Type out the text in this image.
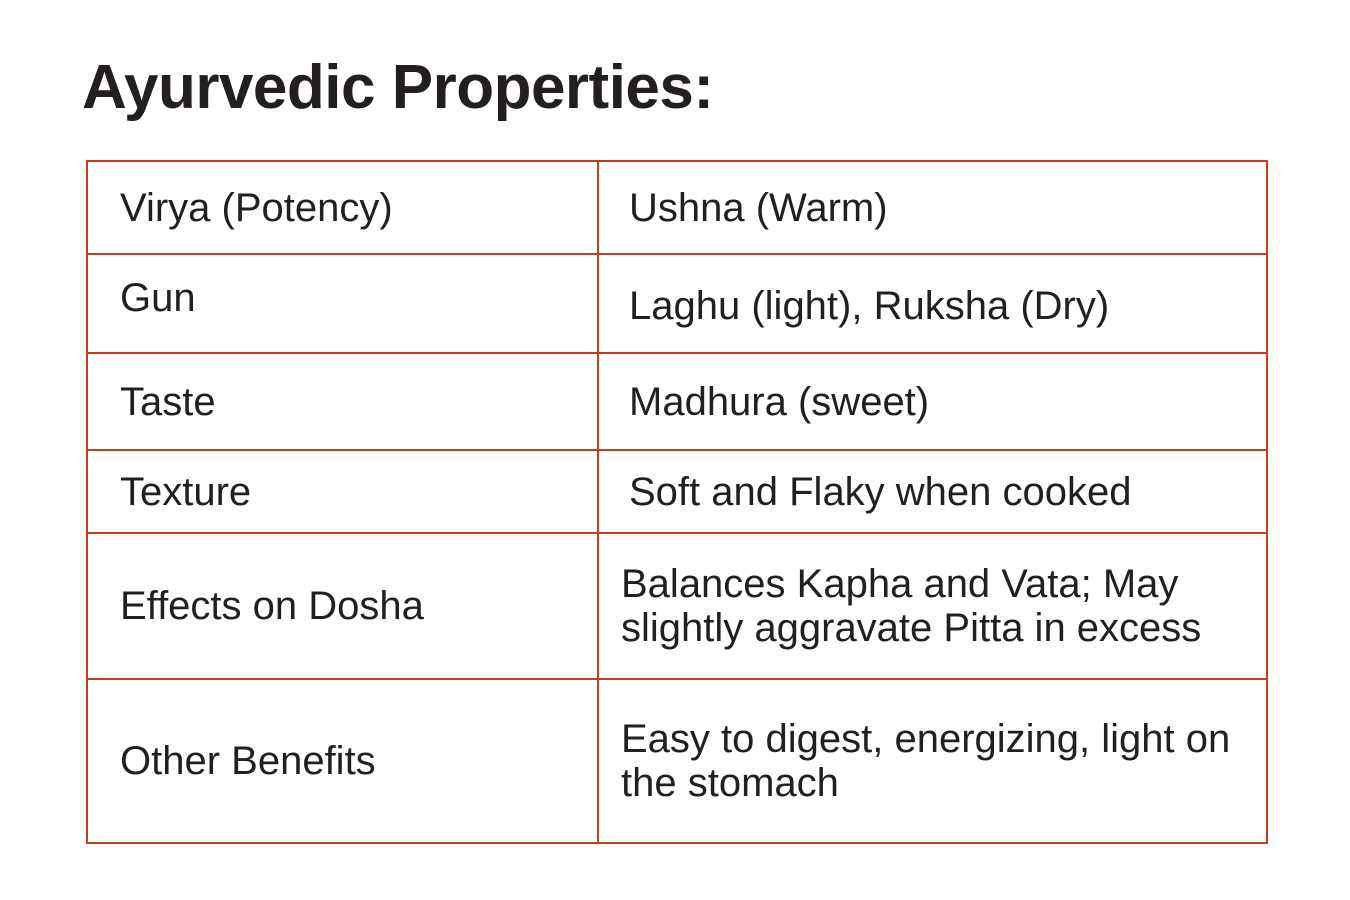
Ayurvedic Properties:
Virya (Potency)	Ushna (Warm)
Gun	Laghu (light), Ruksha (Dry)
Taste	Madhura (sweet)
Texture	Soft and Flaky when cooked
Effects on Dosha	Balances Kapha and Vata; May slightly aggravate Pitta in excess
Other Benefits	Easy to digest, energizing, light on the stomach
